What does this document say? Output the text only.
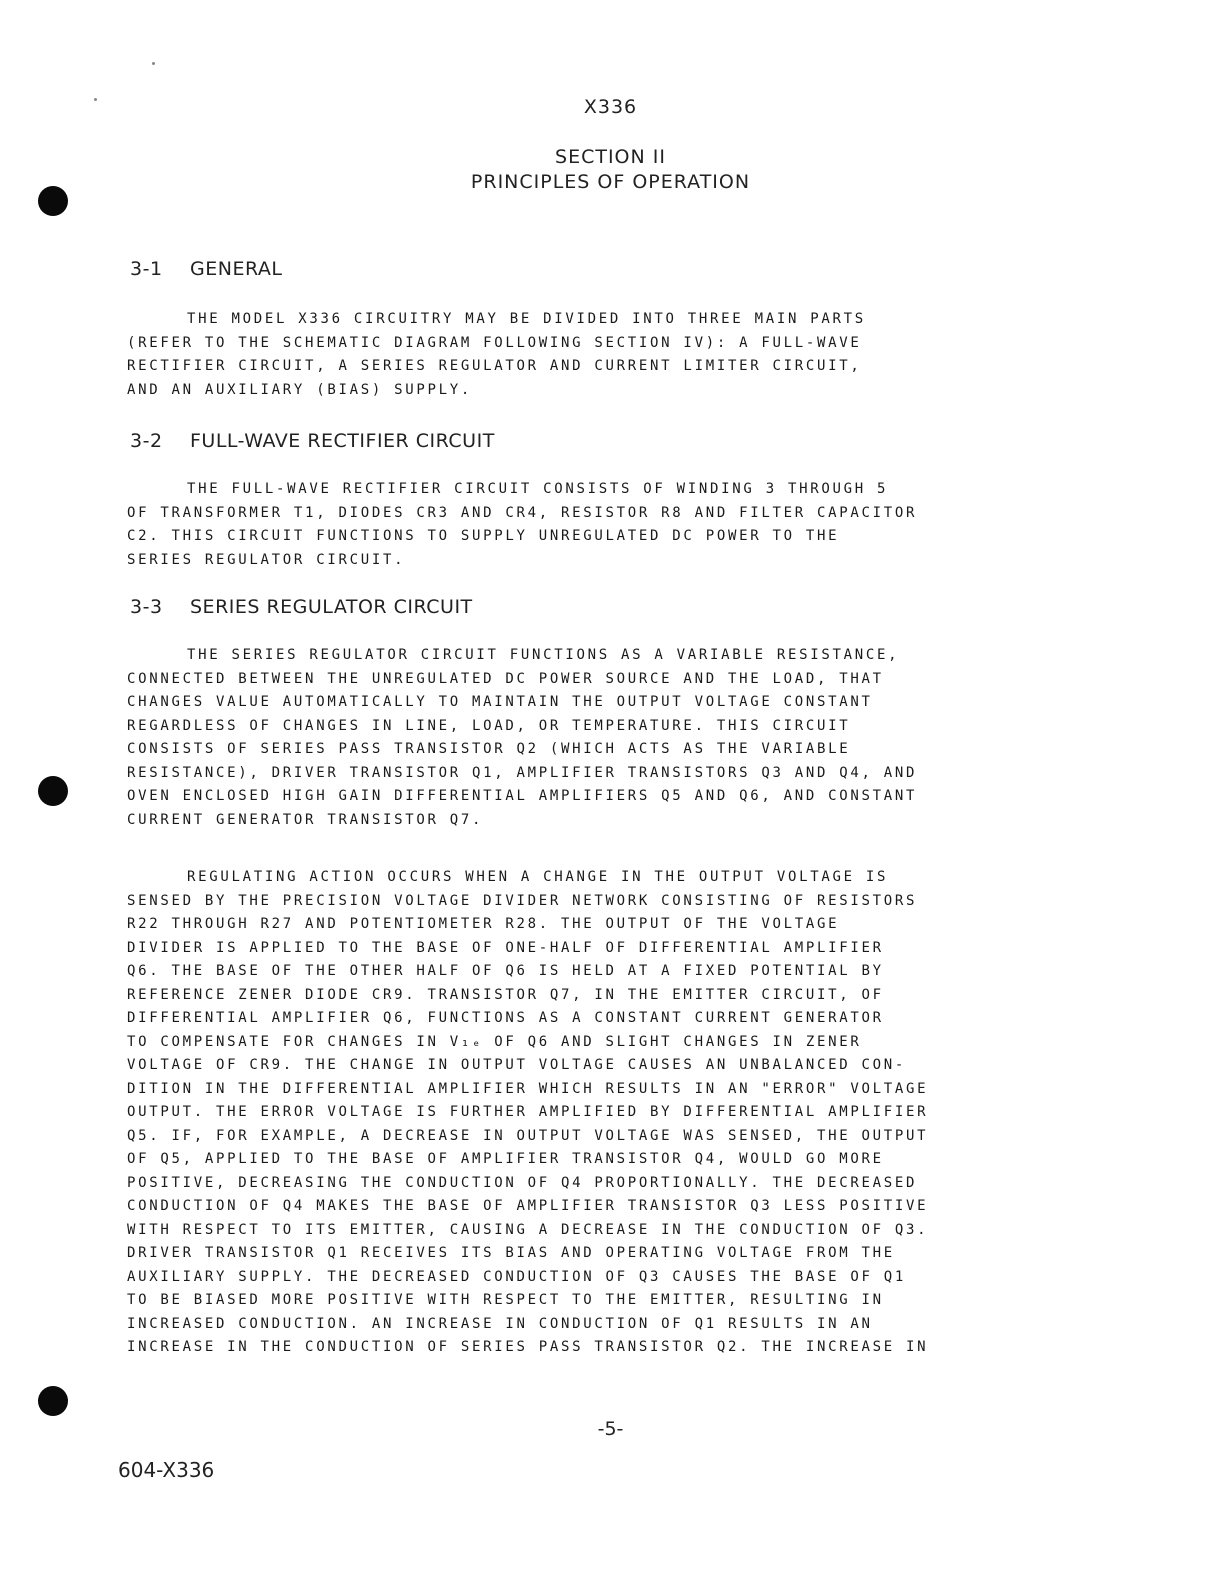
X336
SECTION II
PRINCIPLES OF OPERATION
3-1 GENERAL
THE MODEL X336 CIRCUITRY MAY BE DIVIDED INTO THREE MAIN PARTS
(REFER TO THE SCHEMATIC DIAGRAM FOLLOWING SECTION IV): A FULL-WAVE
RECTIFIER CIRCUIT, A SERIES REGULATOR AND CURRENT LIMITER CIRCUIT,
AND AN AUXILIARY (BIAS) SUPPLY.
3-2 FULL-WAVE RECTIFIER CIRCUIT
THE FULL-WAVE RECTIFIER CIRCUIT CONSISTS OF WINDING 3 THROUGH 5
OF TRANSFORMER T1, DIODES CR3 AND CR4, RESISTOR R8 AND FILTER CAPACITOR
C2. THIS CIRCUIT FUNCTIONS TO SUPPLY UNREGULATED DC POWER TO THE
SERIES REGULATOR CIRCUIT.
3-3 SERIES REGULATOR CIRCUIT
THE SERIES REGULATOR CIRCUIT FUNCTIONS AS A VARIABLE RESISTANCE,
CONNECTED BETWEEN THE UNREGULATED DC POWER SOURCE AND THE LOAD, THAT
CHANGES VALUE AUTOMATICALLY TO MAINTAIN THE OUTPUT VOLTAGE CONSTANT
REGARDLESS OF CHANGES IN LINE, LOAD, OR TEMPERATURE. THIS CIRCUIT
CONSISTS OF SERIES PASS TRANSISTOR Q2 (WHICH ACTS AS THE VARIABLE
RESISTANCE), DRIVER TRANSISTOR Q1, AMPLIFIER TRANSISTORS Q3 AND Q4, AND
OVEN ENCLOSED HIGH GAIN DIFFERENTIAL AMPLIFIERS Q5 AND Q6, AND CONSTANT
CURRENT GENERATOR TRANSISTOR Q7.
REGULATING ACTION OCCURS WHEN A CHANGE IN THE OUTPUT VOLTAGE IS
SENSED BY THE PRECISION VOLTAGE DIVIDER NETWORK CONSISTING OF RESISTORS
R22 THROUGH R27 AND POTENTIOMETER R28. THE OUTPUT OF THE VOLTAGE
DIVIDER IS APPLIED TO THE BASE OF ONE-HALF OF DIFFERENTIAL AMPLIFIER
Q6. THE BASE OF THE OTHER HALF OF Q6 IS HELD AT A FIXED POTENTIAL BY
REFERENCE ZENER DIODE CR9. TRANSISTOR Q7, IN THE EMITTER CIRCUIT, OF
DIFFERENTIAL AMPLIFIER Q6, FUNCTIONS AS A CONSTANT CURRENT GENERATOR
TO COMPENSATE FOR CHANGES IN V₁ₑ OF Q6 AND SLIGHT CHANGES IN ZENER
VOLTAGE OF CR9. THE CHANGE IN OUTPUT VOLTAGE CAUSES AN UNBALANCED CON-
DITION IN THE DIFFERENTIAL AMPLIFIER WHICH RESULTS IN AN "ERROR" VOLTAGE
OUTPUT. THE ERROR VOLTAGE IS FURTHER AMPLIFIED BY DIFFERENTIAL AMPLIFIER
Q5. IF, FOR EXAMPLE, A DECREASE IN OUTPUT VOLTAGE WAS SENSED, THE OUTPUT
OF Q5, APPLIED TO THE BASE OF AMPLIFIER TRANSISTOR Q4, WOULD GO MORE
POSITIVE, DECREASING THE CONDUCTION OF Q4 PROPORTIONALLY. THE DECREASED
CONDUCTION OF Q4 MAKES THE BASE OF AMPLIFIER TRANSISTOR Q3 LESS POSITIVE
WITH RESPECT TO ITS EMITTER, CAUSING A DECREASE IN THE CONDUCTION OF Q3.
DRIVER TRANSISTOR Q1 RECEIVES ITS BIAS AND OPERATING VOLTAGE FROM THE
AUXILIARY SUPPLY. THE DECREASED CONDUCTION OF Q3 CAUSES THE BASE OF Q1
TO BE BIASED MORE POSITIVE WITH RESPECT TO THE EMITTER, RESULTING IN
INCREASED CONDUCTION. AN INCREASE IN CONDUCTION OF Q1 RESULTS IN AN
INCREASE IN THE CONDUCTION OF SERIES PASS TRANSISTOR Q2. THE INCREASE IN
-5-
604-X336
